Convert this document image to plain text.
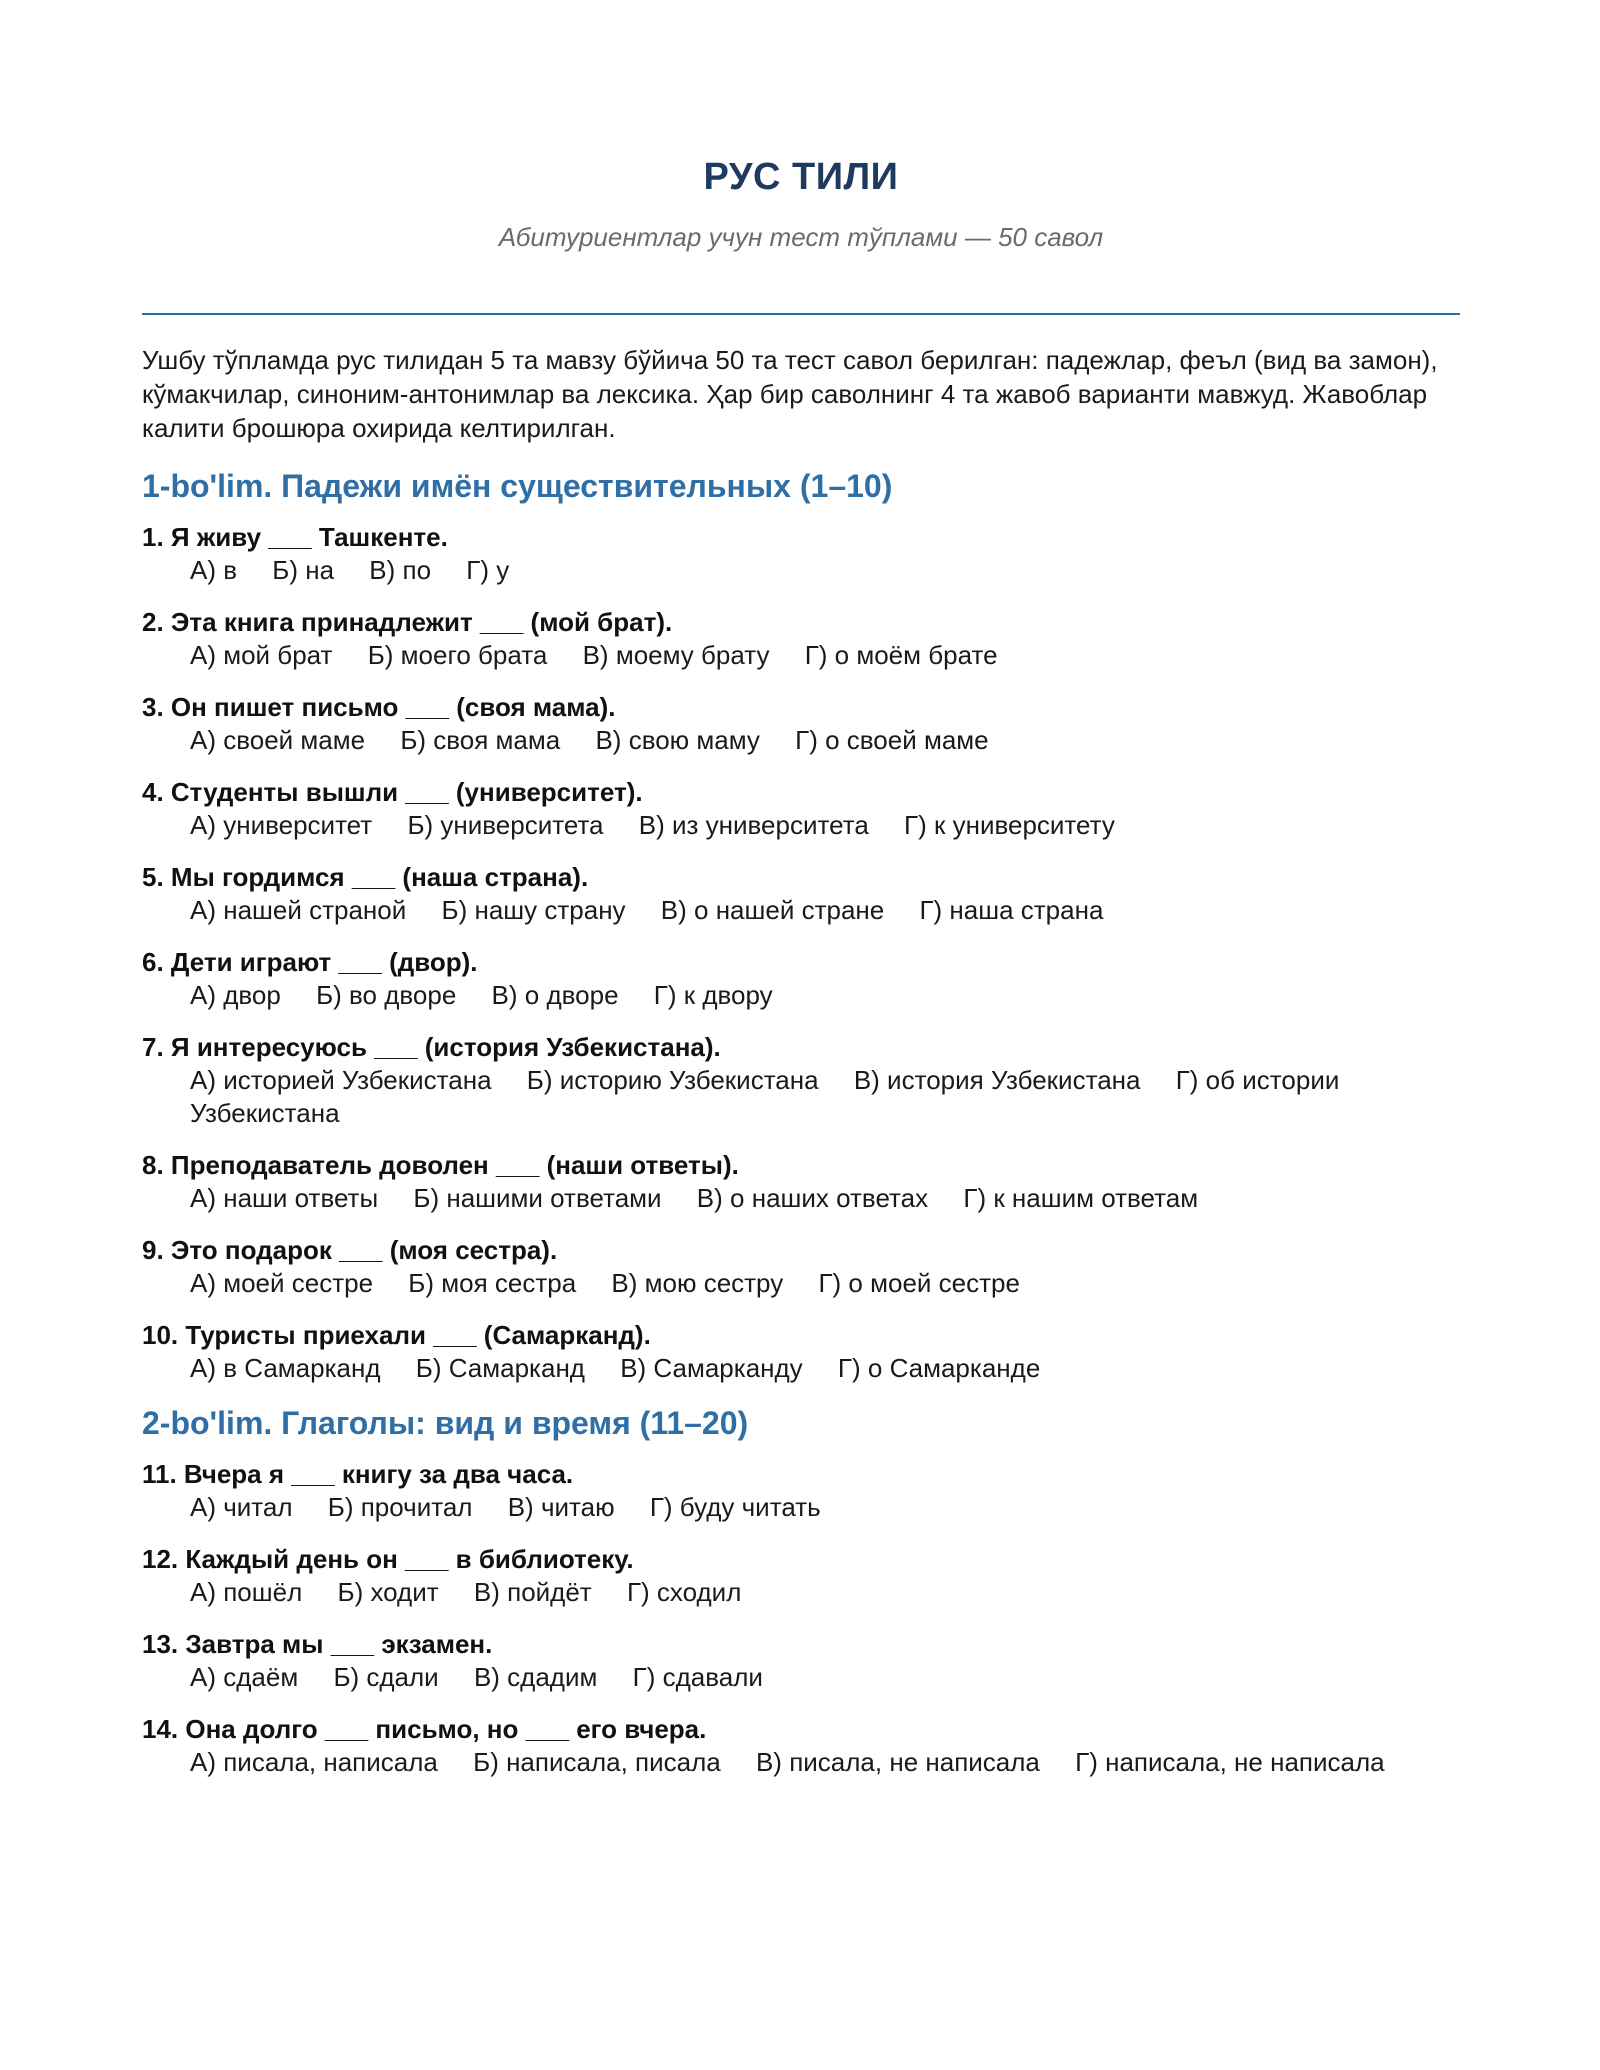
РУС ТИЛИ
Абитуриентлар учун тест тўплами — 50 савол
Ушбу тўпламда рус тилидан 5 та мавзу бўйича 50 та тест савол берилган: падежлар, феъл (вид ва замон), кўмакчилар, синоним-антонимлар ва лексика. Ҳар бир саволнинг 4 та жавоб варианти мавжуд. Жавоблар калити брошюра охирида келтирилган.
1-bo'lim. Падежи имён существительных (1–10)
1. Я живу ___ Ташкенте.
А) в Б) на В) по Г) у
2. Эта книга принадлежит ___ (мой брат).
А) мой брат Б) моего брата В) моему брату Г) о моём брате
3. Он пишет письмо ___ (своя мама).
А) своей маме Б) своя мама В) свою маму Г) о своей маме
4. Студенты вышли ___ (университет).
А) университет Б) университета В) из университета Г) к университету
5. Мы гордимся ___ (наша страна).
А) нашей страной Б) нашу страну В) о нашей стране Г) наша страна
6. Дети играют ___ (двор).
А) двор Б) во дворе В) о дворе Г) к двору
7. Я интересуюсь ___ (история Узбекистана).
А) историей Узбекистана Б) историю Узбекистана В) история Узбекистана Г) об истории Узбекистана
8. Преподаватель доволен ___ (наши ответы).
А) наши ответы Б) нашими ответами В) о наших ответах Г) к нашим ответам
9. Это подарок ___ (моя сестра).
А) моей сестре Б) моя сестра В) мою сестру Г) о моей сестре
10. Туристы приехали ___ (Самарканд).
А) в Самарканд Б) Самарканд В) Самарканду Г) о Самарканде
2-bo'lim. Глаголы: вид и время (11–20)
11. Вчера я ___ книгу за два часа.
А) читал Б) прочитал В) читаю Г) буду читать
12. Каждый день он ___ в библиотеку.
А) пошёл Б) ходит В) пойдёт Г) сходил
13. Завтра мы ___ экзамен.
А) сдаём Б) сдали В) сдадим Г) сдавали
14. Она долго ___ письмо, но ___ его вчера.
А) писала, написала Б) написала, писала В) писала, не написала Г) написала, не написала
